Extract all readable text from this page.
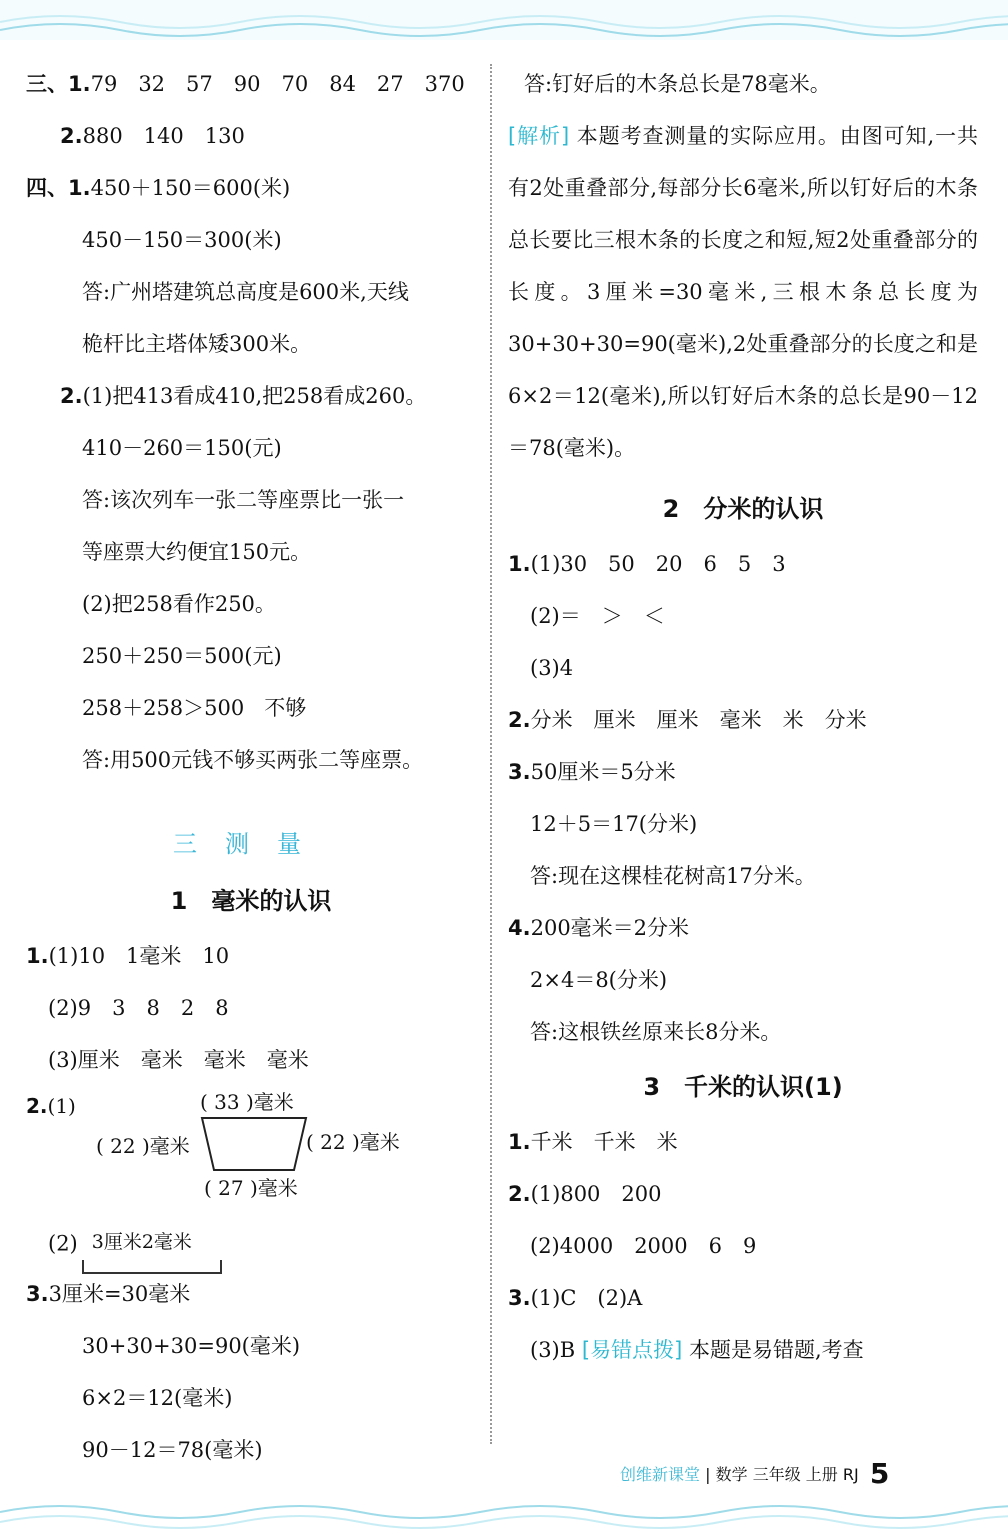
三、1.79　32　57　90　70　84　27　370
2.880　140　130
四、1.450＋150＝600(米)
450－150＝300(米)
答:广州塔建筑总高度是600米,天线
桅杆比主塔体矮300米。
2.(1)把413看成410,把258看成260。
410－260＝150(元)
答:该次列车一张二等座票比一张一
等座票大约便宜150元。
(2)把258看作250。
250＋250＝500(元)
258＋258＞500 不够
答:用500元钱不够买两张二等座票。
三测量
1　毫米的认识
1.(1)10　1毫米　10
(2)9　3　8　2　8
(3)厘米　毫米　毫米　毫米
2.(1)	( 33 )毫米
( 22 )毫米	( 22 )毫米
( 27 )毫米
(2) 3厘米2毫米
3.3厘米=30毫米
30+30+30=90(毫米)
6×2＝12(毫米)
90－12＝78(毫米)
答:钉好后的木条总长是78毫米。
[解析] 本题考查测量的实际应用。由图可知,一共有2处重叠部分,每部分长6毫米,所以钉好后的木条总长要比三根木条的长度之和短,短2处重叠部分的长度。3厘米=30毫米,三根木条总长度为30+30+30=90(毫米),2处重叠部分的长度之和是6×2＝12(毫米),所以钉好后木条的总长是90－12＝78(毫米)。
2　分米的认识
1.(1)30　50　20　6　5　3
(2)＝　＞　＜
(3)4
2.分米　厘米　厘米　毫米　米　分米
3.50厘米＝5分米
12＋5＝17(分米)
答:现在这棵桂花树高17分米。
4.200毫米＝2分米
2×4＝8(分米)
答:这根铁丝原来长8分米。
3　千米的认识(1)
1.千米　千米　米
2.(1)800　200
(2)4000　2000　6　9
3.(1)C　(2)A
(3)B [易错点拨] 本题是易错题,考查
创维新课堂 | 数学 三年级 上册 RJ 5
